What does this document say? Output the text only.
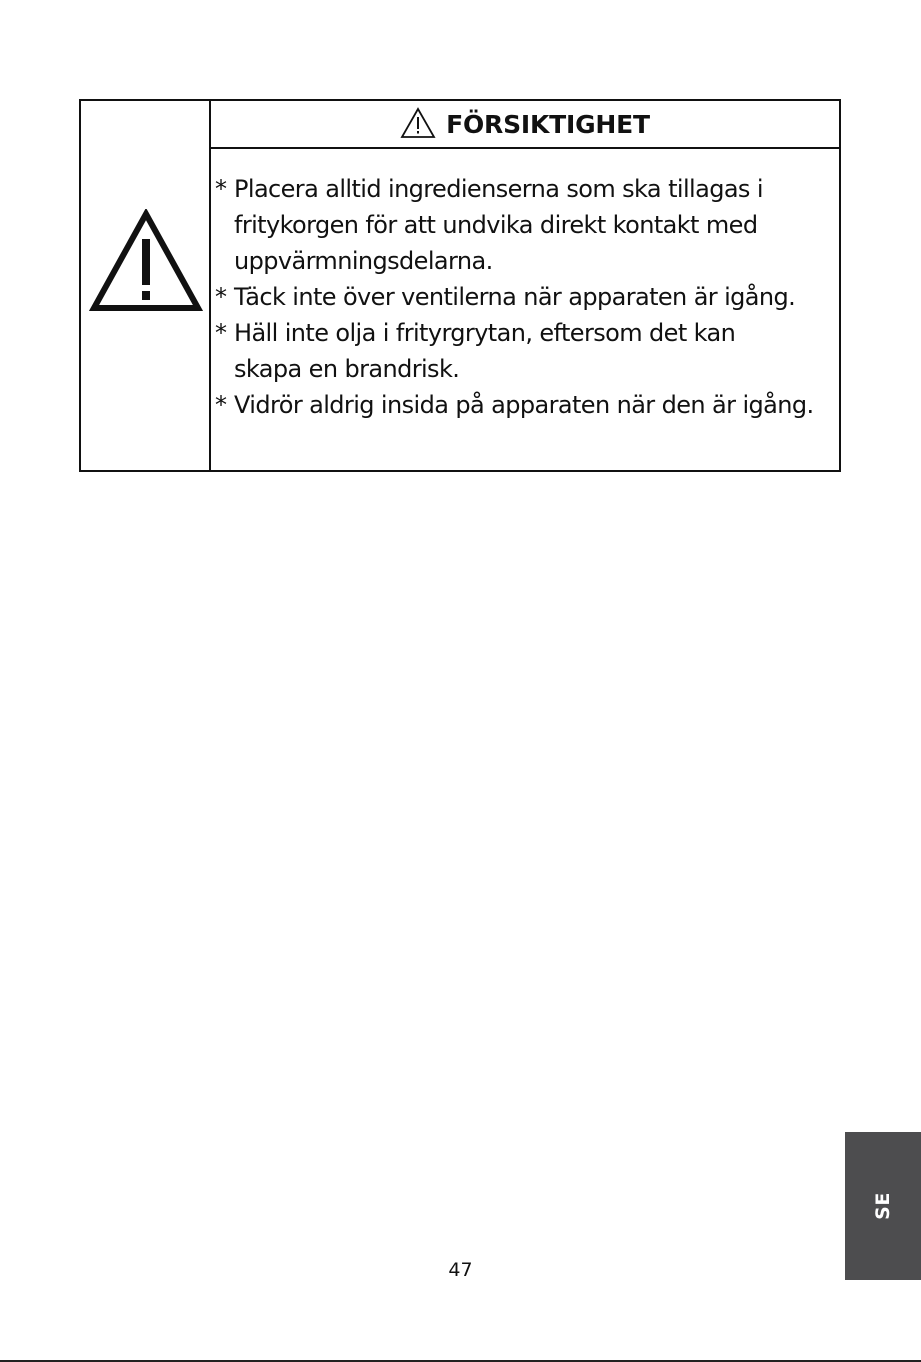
FÖRSIKTIGHET
* Placera alltid ingredienserna som ska tillagas i
fritykorgen för att undvika direkt kontakt med
uppvärmningsdelarna.
* Täck inte över ventilerna när apparaten är igång.
* Häll inte olja i frityrgrytan, eftersom det kan
skapa en brandrisk.
* Vidrör aldrig insida på apparaten när den är igång.
SE
47
